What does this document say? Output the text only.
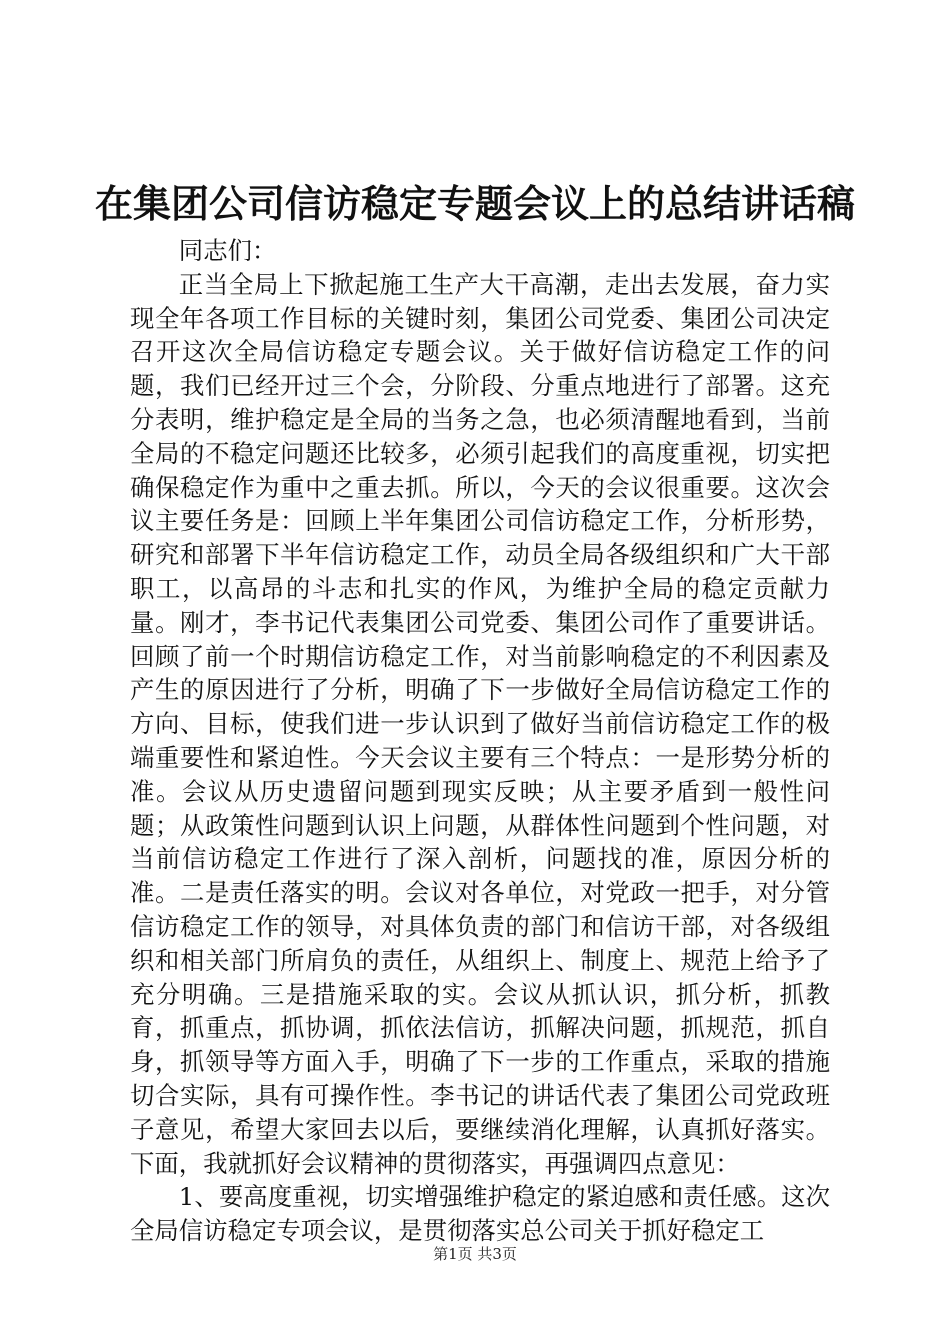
在集团公司信访稳定专题会议上的总结讲话稿

同志们：

正当全局上下掀起施工生产大干高潮，走出去发展，奋力实现全年各项工作目标的关键时刻，集团公司党委、集团公司决定召开这次全局信访稳定专题会议。关于做好信访稳定工作的问题，我们已经开过三个会，分阶段、分重点地进行了部署。这充分表明，维护稳定是全局的当务之急，也必须清醒地看到，当前全局的不稳定问题还比较多，必须引起我们的高度重视，切实把确保稳定作为重中之重去抓。所以，今天的会议很重要。这次会议主要任务是：回顾上半年集团公司信访稳定工作，分析形势，研究和部署下半年信访稳定工作，动员全局各级组织和广大干部职工，以高昂的斗志和扎实的作风，为维护全局的稳定贡献力量。刚才，李书记代表集团公司党委、集团公司作了重要讲话。回顾了前一个时期信访稳定工作，对当前影响稳定的不利因素及产生的原因进行了分析，明确了下一步做好全局信访稳定工作的方向、目标，使我们进一步认识到了做好当前信访稳定工作的极端重要性和紧迫性。今天会议主要有三个特点：一是形势分析的准。会议从历史遗留问题到现实反映；从主要矛盾到一般性问题；从政策性问题到认识上问题，从群体性问题到个性问题，对当前信访稳定工作进行了深入剖析，问题找的准，原因分析的准。二是责任落实的明。会议对各单位，对党政一把手，对分管信访稳定工作的领导，对具体负责的部门和信访干部，对各级组织和相关部门所肩负的责任，从组织上、制度上、规范上给予了充分明确。三是措施采取的实。会议从抓认识，抓分析，抓教育，抓重点，抓协调，抓依法信访，抓解决问题，抓规范，抓自身，抓领导等方面入手，明确了下一步的工作重点，采取的措施切合实际，具有可操作性。李书记的讲话代表了集团公司党政班子意见，希望大家回去以后，要继续消化理解，认真抓好落实。下面，我就抓好会议精神的贯彻落实，再强调四点意见：

1、要高度重视，切实增强维护稳定的紧迫感和责任感。这次全局信访稳定专项会议，是贯彻落实总公司关于抓好稳定工

第1页 共3页
